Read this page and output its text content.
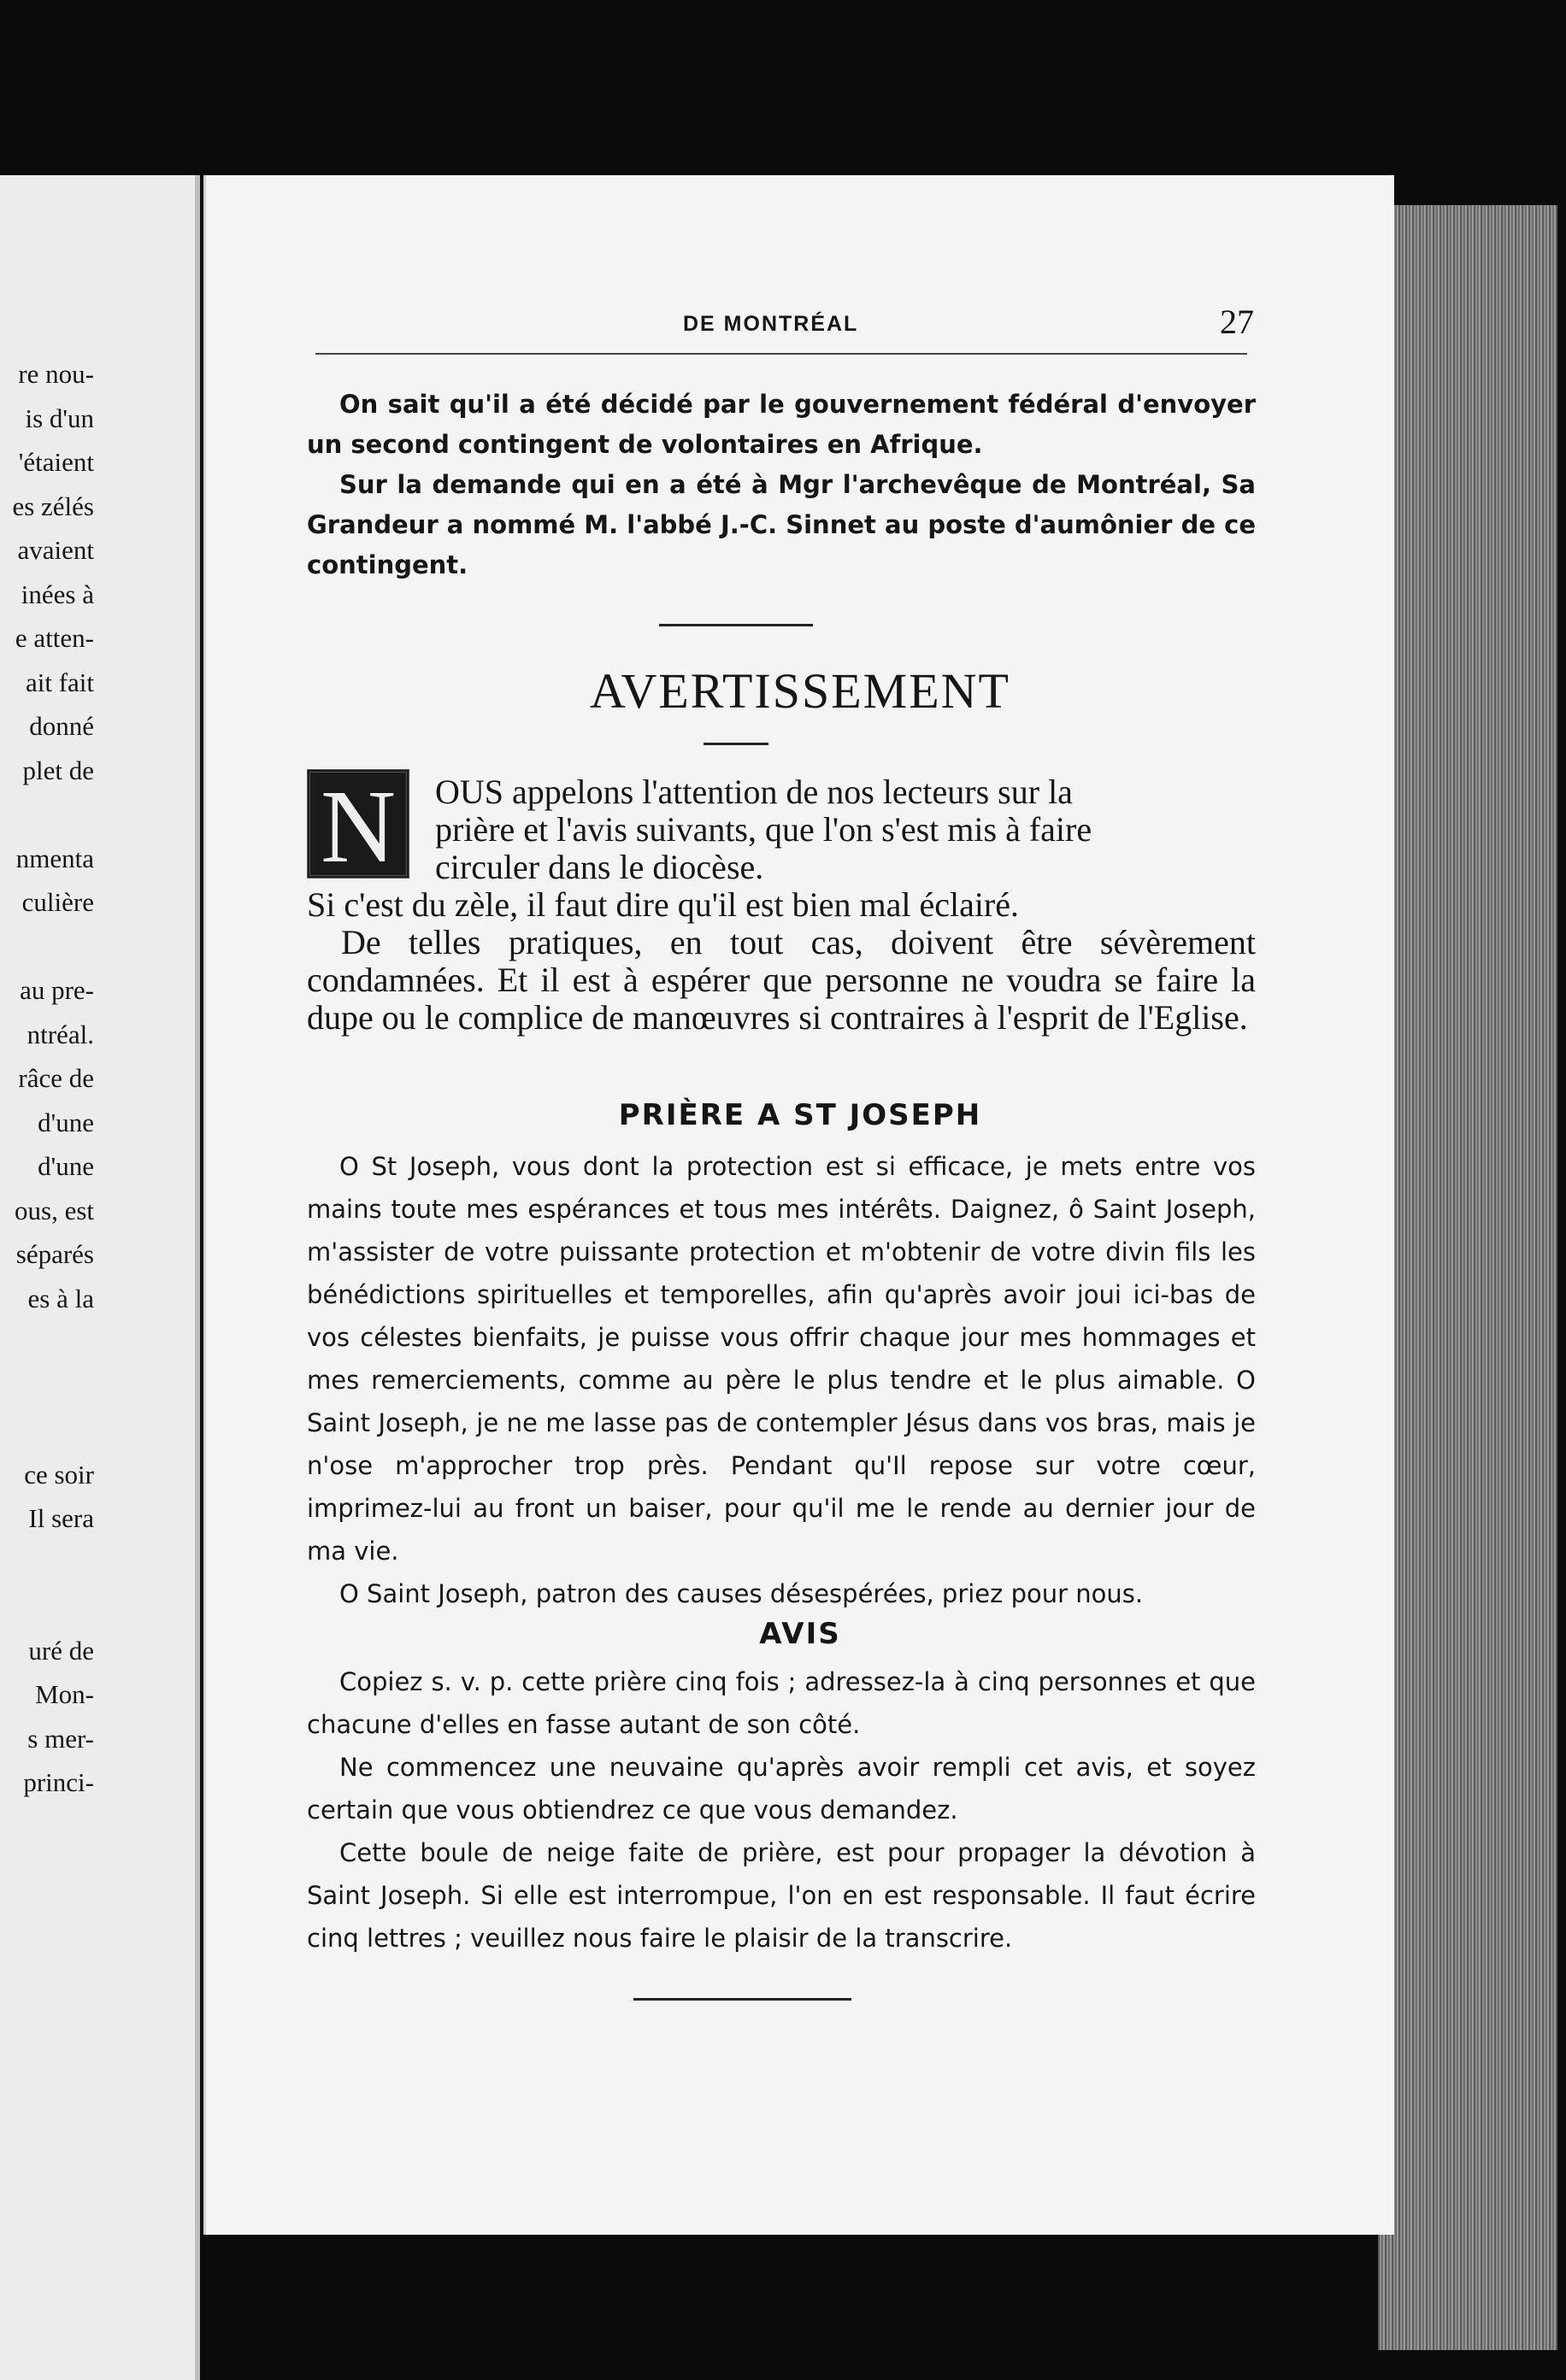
re nou-
is d'un
'étaient
es zélés
avaient
inées à
e atten-
ait fait
donné
plet de
nmenta
culière
au pre-
ntréal.
râce de
d'une
d'une
ous, est
séparés
es à la
ce soir
Il sera
uré de
Mon-
s mer-
princi-
DE MONTRÉAL	27

On sait qu'il a été décidé par le gouvernement fédéral d'envoyer un second contingent de volontaires en Afrique.

Sur la demande qui en a été à Mgr l'archevêque de Montréal, Sa Grandeur a nommé M. l'abbé J.-C. Sinnet au poste d'aumônier de ce contingent.

AVERTISSEMENT
N	OUS appelons l'attention de nos lecteurs sur la
prière et l'avis suivants, que l'on s'est mis à faire
circuler dans le diocèse.

Si c'est du zèle, il faut dire qu'il est bien mal éclairé.

De telles pratiques, en tout cas, doivent être sévèrement condamnées. Et il est à espérer que personne ne voudra se faire la dupe ou le complice de manœuvres si contraires à l'esprit de l'Eglise.

PRIÈRE A ST JOSEPH

O St Joseph, vous dont la protection est si efficace, je mets entre vos mains toute mes espérances et tous mes intérêts. Daignez, ô Saint Joseph, m'assister de votre puissante protection et m'obtenir de votre divin fils les bénédictions spirituelles et temporelles, afin qu'après avoir joui ici-bas de vos célestes bienfaits, je puisse vous offrir chaque jour mes hommages et mes remerciements, comme au père le plus tendre et le plus aimable. O Saint Joseph, je ne me lasse pas de contempler Jésus dans vos bras, mais je n'ose m'approcher trop près. Pendant qu'Il repose sur votre cœur, imprimez-lui au front un baiser, pour qu'il me le rende au dernier jour de ma vie.

O Saint Joseph, patron des causes désespérées, priez pour nous.

AVIS

Copiez s. v. p. cette prière cinq fois ; adressez-la à cinq personnes et que chacune d'elles en fasse autant de son côté.

Ne commencez une neuvaine qu'après avoir rempli cet avis, et soyez certain que vous obtiendrez ce que vous demandez.

Cette boule de neige faite de prière, est pour propager la dévotion à Saint Joseph. Si elle est interrompue, l'on en est responsable. Il faut écrire cinq lettres ; veuillez nous faire le plaisir de la transcrire.
